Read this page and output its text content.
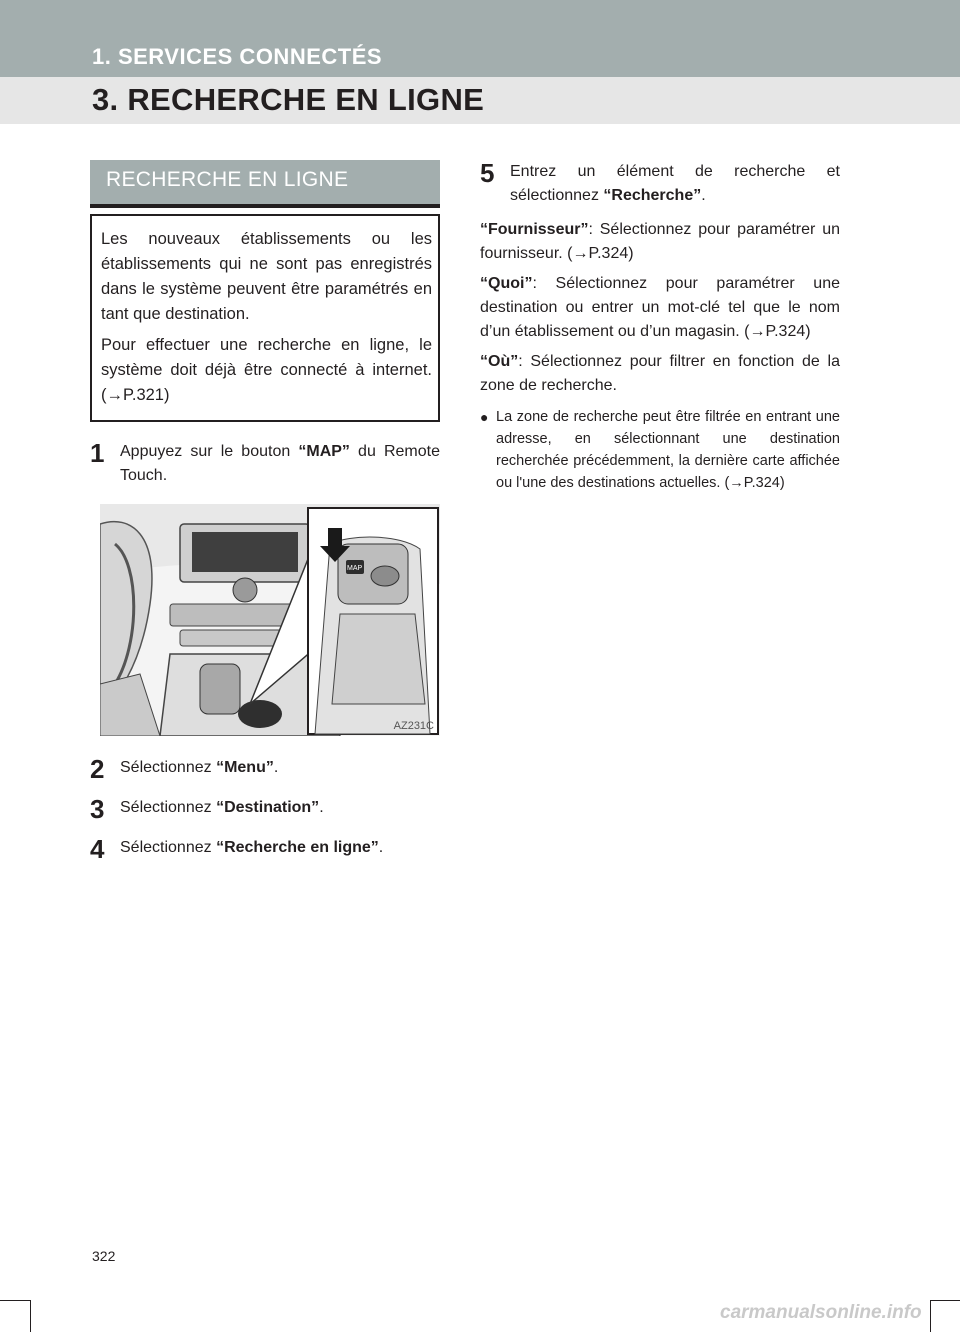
1. SERVICES CONNECTÉS
3. RECHERCHE EN LIGNE
RECHERCHE EN LIGNE

Les nouveaux établissements ou les établissements qui ne sont pas enregistrés dans le système peuvent être paramétrés en tant que destination.

Pour effectuer une recherche en ligne, le système doit déjà être connecté à internet. (→P.321)

1 Appuyez sur le bouton “MAP” du Remote Touch.
MAP
AZ231C
2 Sélectionnez “Menu”.
3 Sélectionnez “Destination”.
4 Sélectionnez “Recherche en ligne”.
5 Entrez un élément de recherche et sélectionnez “Recherche”.

“Fournisseur”: Sélectionnez pour paramétrer un fournisseur. (→P.324)

“Quoi”: Sélectionnez pour paramétrer une destination ou entrer un mot-clé tel que le nom d’un établissement ou d’un magasin. (→P.324)

“Où”: Sélectionnez pour filtrer en fonction de la zone de recherche.

● La zone de recherche peut être filtrée en entrant une adresse, en sélectionnant une destination recherchée précédemment, la dernière carte affichée ou l'une des destinations actuelles. (→P.324)
322
carmanualsonline.info
